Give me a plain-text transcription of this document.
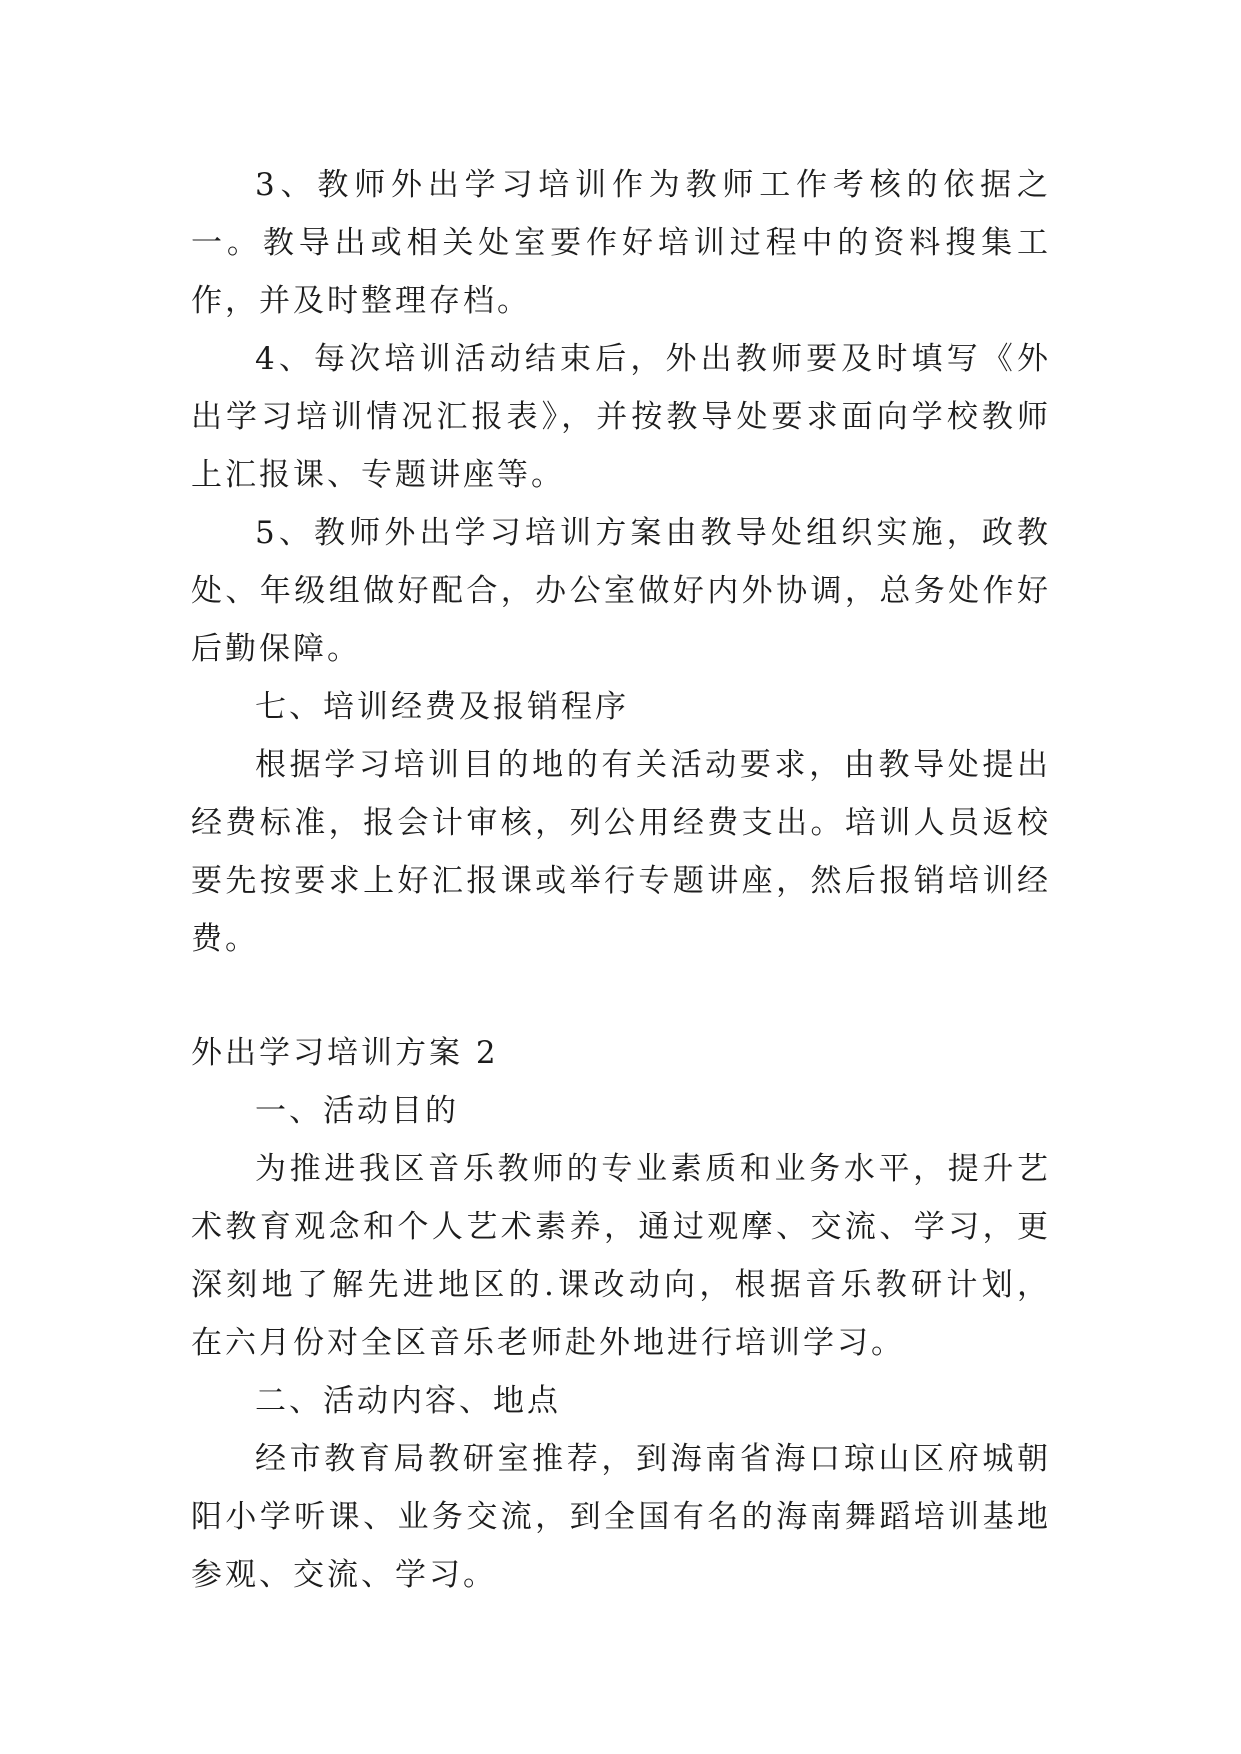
3、教师外出学习培训作为教师工作考核的依据之一。教导出或相关处室要作好培训过程中的资料搜集工作，并及时整理存档。

4、每次培训活动结束后，外出教师要及时填写《外出学习培训情况汇报表》，并按教导处要求面向学校教师上汇报课、专题讲座等。

5、教师外出学习培训方案由教导处组织实施，政教处、年级组做好配合，办公室做好内外协调，总务处作好后勤保障。

七、培训经费及报销程序

根据学习培训目的地的有关活动要求，由教导处提出经费标准，报会计审核，列公用经费支出。培训人员返校要先按要求上好汇报课或举行专题讲座，然后报销培训经费。

外出学习培训方案 2

一、活动目的

为推进我区音乐教师的专业素质和业务水平，提升艺术教育观念和个人艺术素养，通过观摩、交流、学习，更深刻地了解先进地区的.课改动向，根据音乐教研计划，在六月份对全区音乐老师赴外地进行培训学习。

二、活动内容、地点

经市教育局教研室推荐，到海南省海口琼山区府城朝阳小学听课、业务交流，到全国有名的海南舞蹈培训基地参观、交流、学习。
